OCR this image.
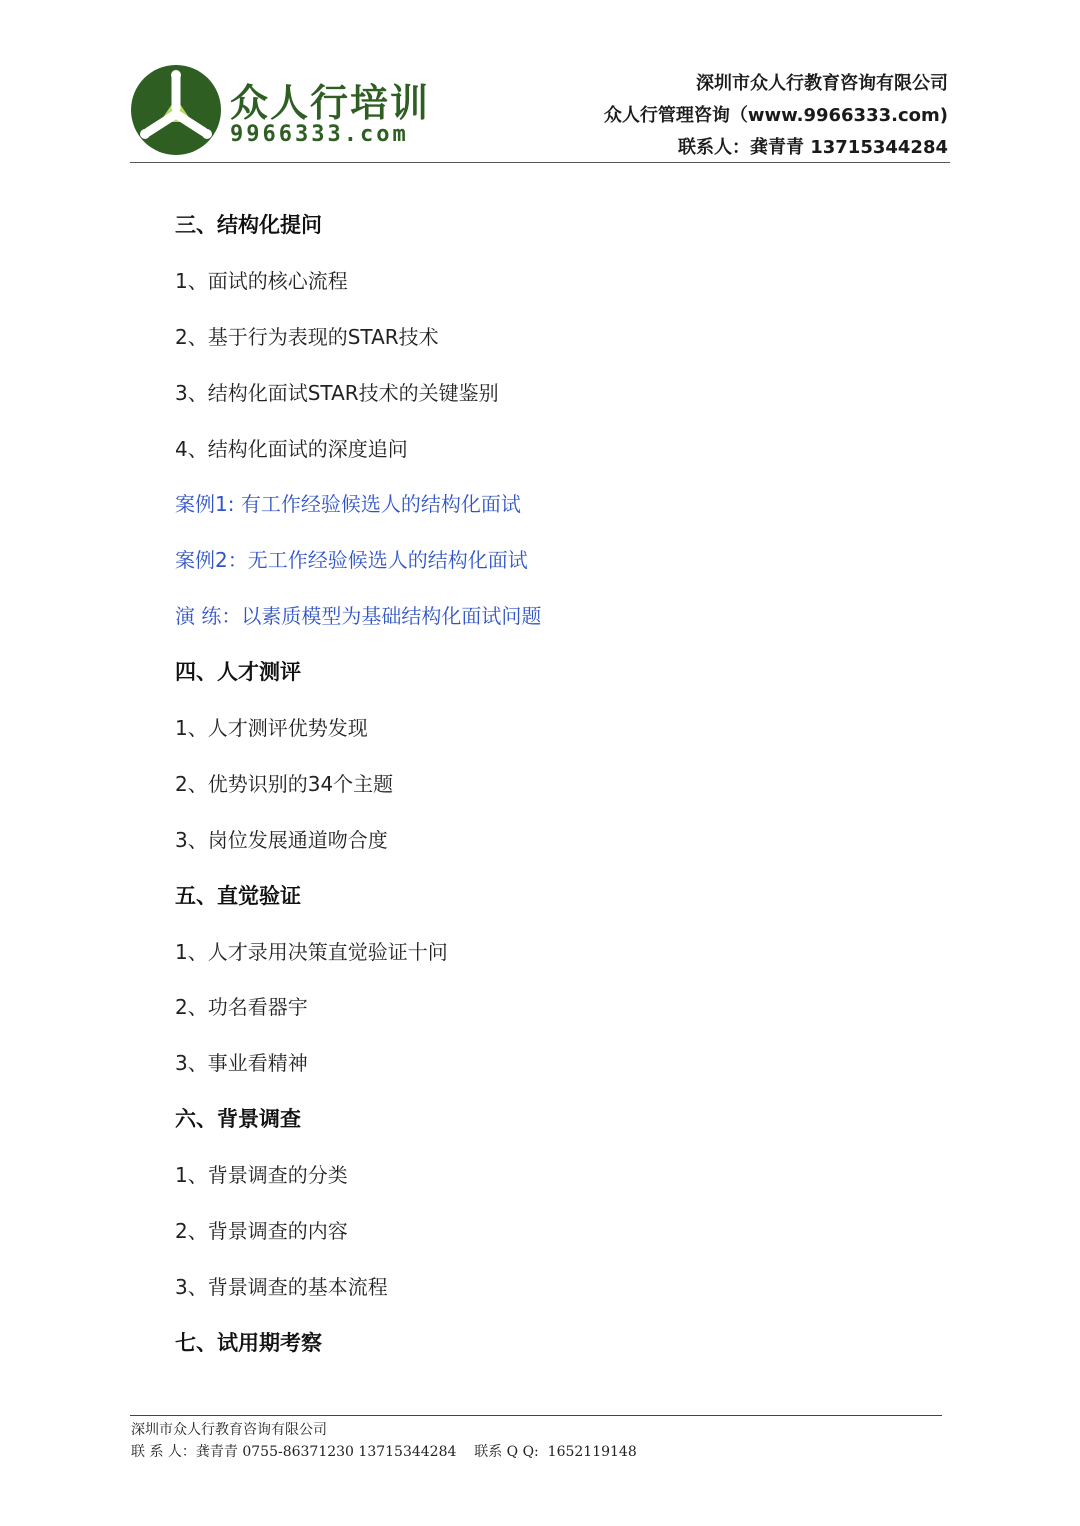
众人行培训
9966333.com
深圳市众人行教育咨询有限公司
众人行管理咨询（www.9966333.com)
联系人：龚青青 13715344284
三、结构化提问
1、面试的核心流程
2、基于行为表现的STAR技术
3、结构化面试STAR技术的关键鉴别
4、结构化面试的深度追问
案例1: 有工作经验候选人的结构化面试
案例2：无工作经验候选人的结构化面试
演 练：以素质模型为基础结构化面试问题
四、人才测评
1、人才测评优势发现
2、优势识别的34个主题
3、岗位发展通道吻合度
五、直觉验证
1、人才录用决策直觉验证十问
2、功名看器宇
3、事业看精神
六、背景调查
1、背景调查的分类
2、背景调查的内容
3、背景调查的基本流程
七、试用期考察
深圳市众人行教育咨询有限公司
联 系 人：龚青青 0755-86371230 13715344284    联系 Q Q:  1652119148
